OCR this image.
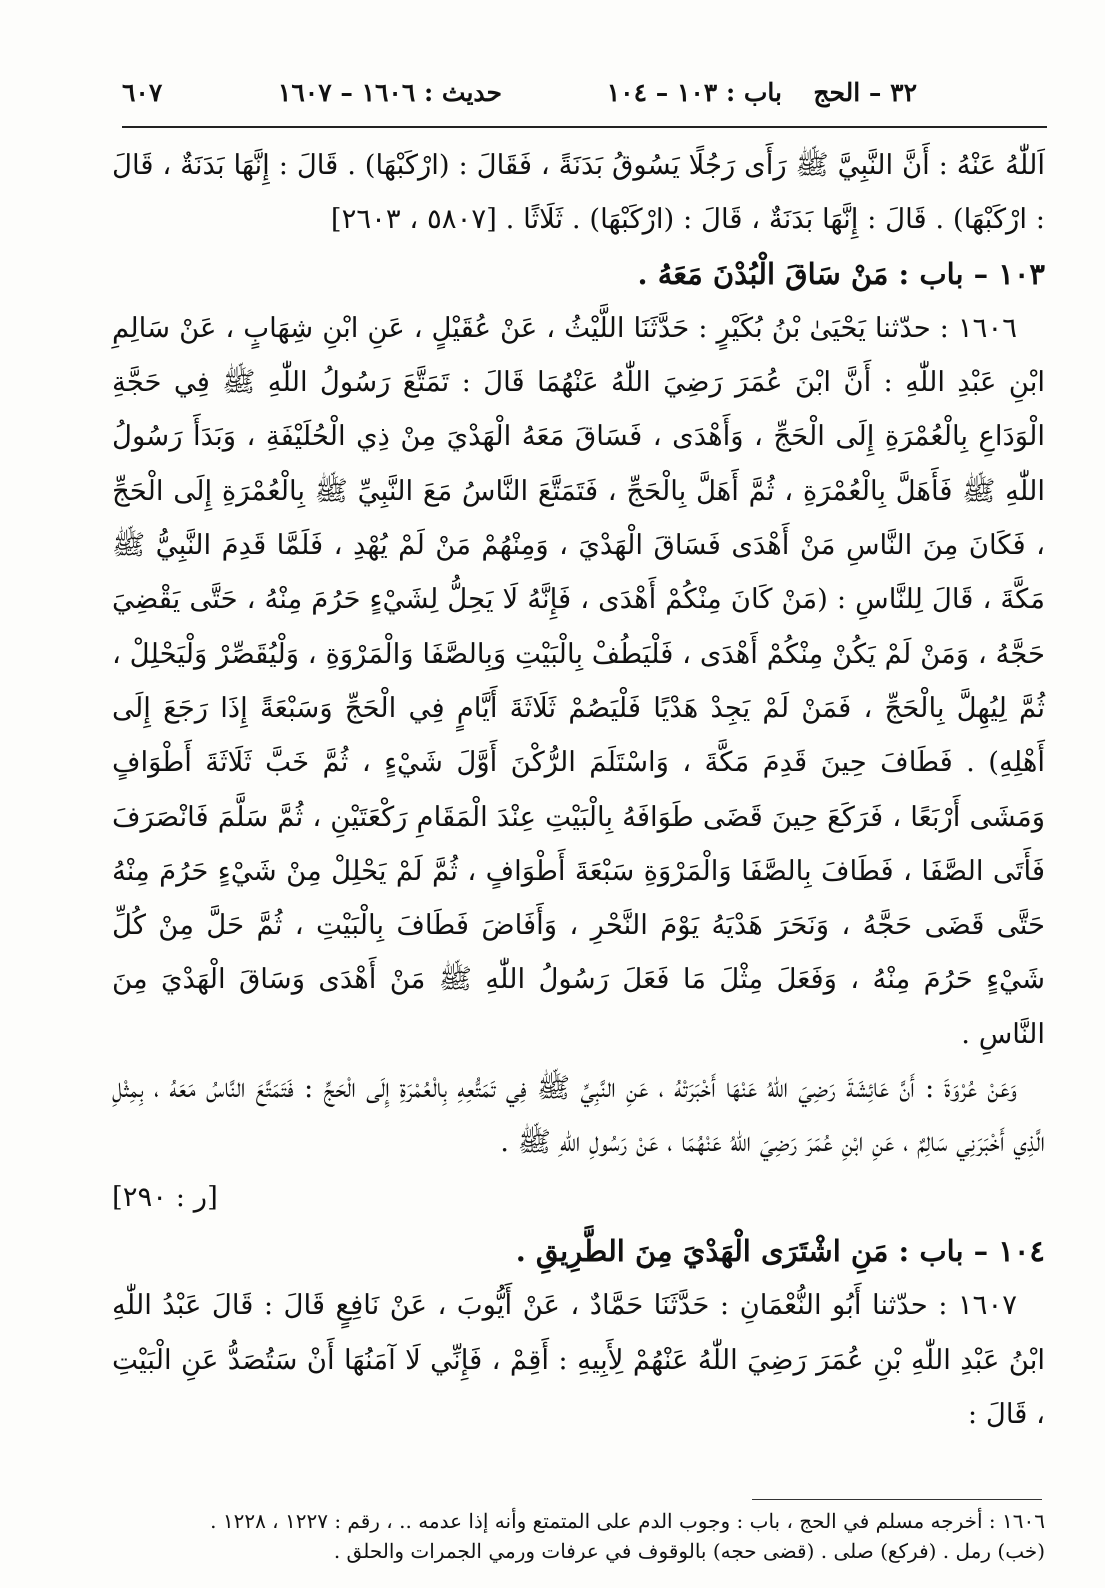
٣٢ – الحج
باب : ١٠٣ – ١٠٤
حديث : ١٦٠٦ – ١٦٠٧
٦٠٧

اَللّٰهُ عَنْهُ : أَنَّ النَّبِيَّ ﷺ رَأَى رَجُلًا يَسُوقُ بَدَنَةً ، فَقَالَ : (ارْكَبْهَا) . قَالَ : إِنَّهَا بَدَنَةٌ ، قَالَ : ارْكَبْهَا) . قَالَ : إِنَّهَا بَدَنَةٌ ، قَالَ : (ارْكَبْهَا) . ثَلَاثًا . [٥٨٠٧ ، ٢٦٠٣]

١٠٣ – باب : مَنْ سَاقَ الْبُدْنَ مَعَهُ .

١٦٠٦ : حدّثنا يَحْيَىٰ بْنُ بُكَيْرٍ : حَدَّثَنَا اللَّيْثُ ، عَنْ عُقَيْلٍ ، عَنِ ابْنِ شِهَابٍ ، عَنْ سَالِمِ ابْنِ عَبْدِ اللّٰهِ : أَنَّ ابْنَ عُمَرَ رَضِيَ اللّٰهُ عَنْهُمَا قَالَ : تَمَتَّعَ رَسُولُ اللّٰهِ ﷺ فِي حَجَّةِ الْوَدَاعِ بِالْعُمْرَةِ إِلَى الْحَجِّ ، وَأَهْدَى ، فَسَاقَ مَعَهُ الْهَدْيَ مِنْ ذِي الْحُلَيْفَةِ ، وَبَدَأَ رَسُولُ اللّٰهِ ﷺ فَأَهَلَّ بِالْعُمْرَةِ ، ثُمَّ أَهَلَّ بِالْحَجِّ ، فَتَمَتَّعَ النَّاسُ مَعَ النَّبِيِّ ﷺ بِالْعُمْرَةِ إِلَى الْحَجِّ ، فَكَانَ مِنَ النَّاسِ مَنْ أَهْدَى فَسَاقَ الْهَدْيَ ، وَمِنْهُمْ مَنْ لَمْ يُهْدِ ، فَلَمَّا قَدِمَ النَّبِيُّ ﷺ مَكَّةَ ، قَالَ لِلنَّاسِ : (مَنْ كَانَ مِنْكُمْ أَهْدَى ، فَإِنَّهُ لَا يَحِلُّ لِشَيْءٍ حَرُمَ مِنْهُ ، حَتَّى يَقْضِيَ حَجَّهُ ، وَمَنْ لَمْ يَكُنْ مِنْكُمْ أَهْدَى ، فَلْيَطُفْ بِالْبَيْتِ وَبِالصَّفَا وَالْمَرْوَةِ ، وَلْيُقَصِّرْ وَلْيَحْلِلْ ، ثُمَّ لِيُهِلَّ بِالْحَجِّ ، فَمَنْ لَمْ يَجِدْ هَدْيًا فَلْيَصُمْ ثَلَاثَةَ أَيَّامٍ فِي الْحَجِّ وَسَبْعَةً إِذَا رَجَعَ إِلَى أَهْلِهِ) . فَطَافَ حِينَ قَدِمَ مَكَّةَ ، وَاسْتَلَمَ الرُّكْنَ أَوَّلَ شَيْءٍ ، ثُمَّ خَبَّ ثَلَاثَةَ أَطْوَافٍ وَمَشَى أَرْبَعًا ، فَرَكَعَ حِينَ قَضَى طَوَافَهُ بِالْبَيْتِ عِنْدَ الْمَقَامِ رَكْعَتَيْنِ ، ثُمَّ سَلَّمَ فَانْصَرَفَ فَأَتَى الصَّفَا ، فَطَافَ بِالصَّفَا وَالْمَرْوَةِ سَبْعَةَ أَطْوَافٍ ، ثُمَّ لَمْ يَحْلِلْ مِنْ شَيْءٍ حَرُمَ مِنْهُ حَتَّى قَضَى حَجَّهُ ، وَنَحَرَ هَدْيَهُ يَوْمَ النَّحْرِ ، وَأَفَاضَ فَطَافَ بِالْبَيْتِ ، ثُمَّ حَلَّ مِنْ كُلِّ شَيْءٍ حَرُمَ مِنْهُ ، وَفَعَلَ مِثْلَ مَا فَعَلَ رَسُولُ اللّٰهِ ﷺ مَنْ أَهْدَى وَسَاقَ الْهَدْيَ مِنَ النَّاسِ .

وَعَنْ عُرْوَةَ : أَنَّ عَائِشَةَ رَضِيَ اللّٰهُ عَنْهَا أَخْبَرَتْهُ ، عَنِ النَّبِيِّ ﷺ فِي تَمَتُّعِهِ بِالْعُمْرَةِ إِلَى الْحَجِّ : فَتَمَتَّعَ النَّاسُ مَعَهُ ، بِمِثْلِ الَّذِي أَخْبَرَنِي سَالِمٌ ، عَنِ ابْنِ عُمَرَ رَضِيَ اللّٰهُ عَنْهُمَا ، عَنْ رَسُولِ اللّٰهِ ﷺ .

[ر : ٢٩٠]

١٠٤ – باب : مَنِ اشْتَرَى الْهَدْيَ مِنَ الطَّرِيقِ .

١٦٠٧ : حدّثنا أَبُو النُّعْمَانِ : حَدَّثَنَا حَمَّادٌ ، عَنْ أَيُّوبَ ، عَنْ نَافِعٍ قَالَ : قَالَ عَبْدُ اللّٰهِ ابْنُ عَبْدِ اللّٰهِ بْنِ عُمَرَ رَضِيَ اللّٰهُ عَنْهُمْ لِأَبِيهِ : أَقِمْ ، فَإِنِّي لَا آمَنُهَا أَنْ سَتُصَدُّ عَنِ الْبَيْتِ ، قَالَ :

١٦٠٦ : أخرجه مسلم في الحج ، باب : وجوب الدم على المتمتع وأنه إذا عدمه .. ، رقم : ١٢٢٧ ، ١٢٢٨ .

(خب) رمل . (فركع) صلى . (قضى حجه) بالوقوف في عرفات ورمي الجمرات والحلق .
